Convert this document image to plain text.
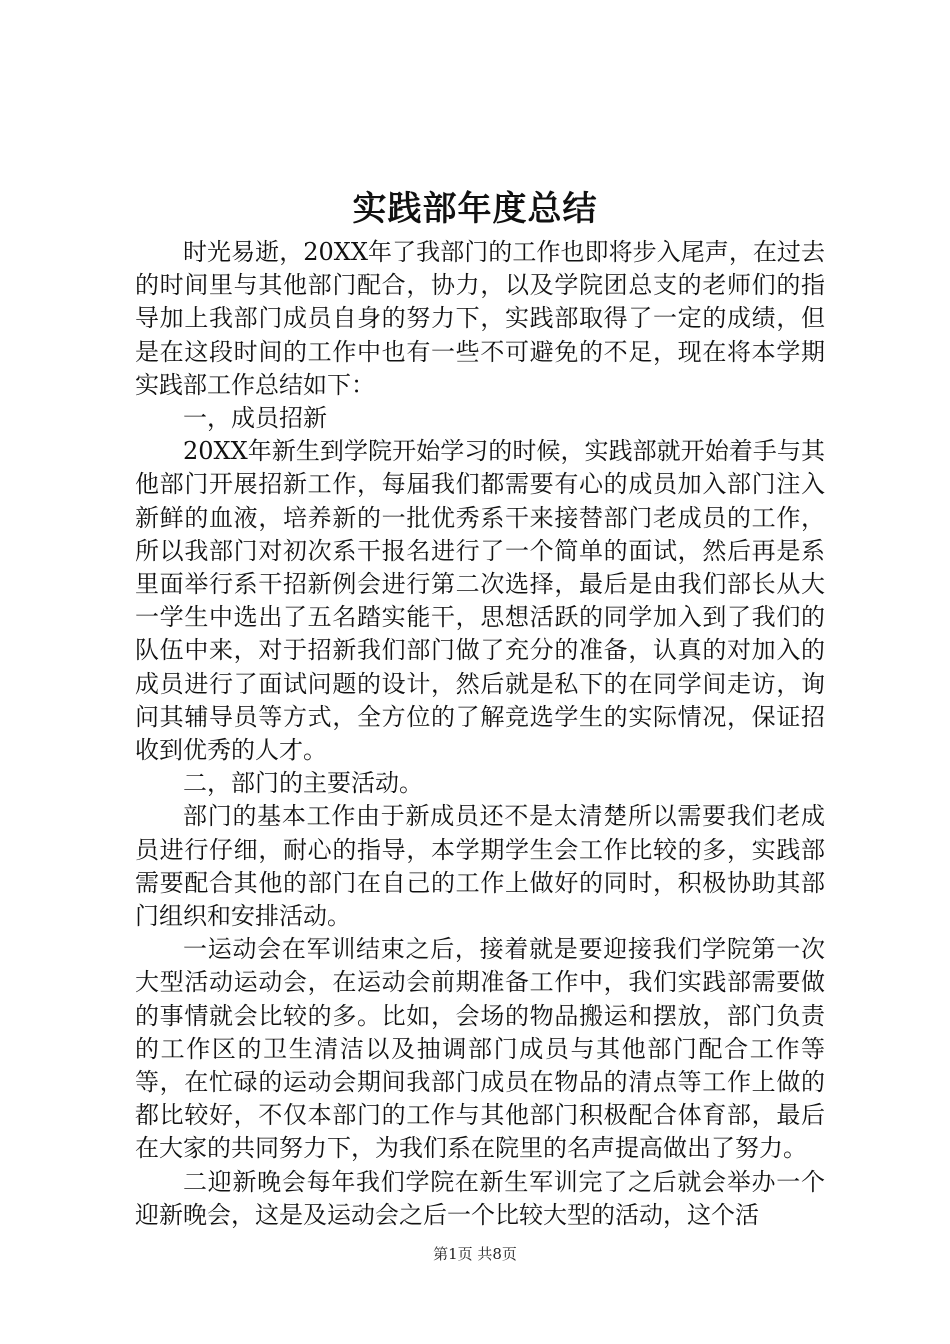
实践部年度总结

时光易逝，20XX年了我部门的工作也即将步入尾声，在过去的时间里与其他部门配合，协力，以及学院团总支的老师们的指导加上我部门成员自身的努力下，实践部取得了一定的成绩，但是在这段时间的工作中也有一些不可避免的不足，现在将本学期实践部工作总结如下：

一，成员招新

20XX年新生到学院开始学习的时候，实践部就开始着手与其他部门开展招新工作，每届我们都需要有心的成员加入部门注入新鲜的血液，培养新的一批优秀系干来接替部门老成员的工作，所以我部门对初次系干报名进行了一个简单的面试，然后再是系里面举行系干招新例会进行第二次选择，最后是由我们部长从大一学生中选出了五名踏实能干，思想活跃的同学加入到了我们的队伍中来，对于招新我们部门做了充分的准备，认真的对加入的成员进行了面试问题的设计，然后就是私下的在同学间走访，询问其辅导员等方式，全方位的了解竞选学生的实际情况，保证招收到优秀的人才。

二，部门的主要活动。

部门的基本工作由于新成员还不是太清楚所以需要我们老成员进行仔细，耐心的指导，本学期学生会工作比较的多，实践部需要配合其他的部门在自己的工作上做好的同时，积极协助其部门组织和安排活动。

一运动会在军训结束之后，接着就是要迎接我们学院第一次大型活动运动会，在运动会前期准备工作中，我们实践部需要做的事情就会比较的多。比如，会场的物品搬运和摆放，部门负责的工作区的卫生清洁以及抽调部门成员与其他部门配合工作等等，在忙碌的运动会期间我部门成员在物品的清点等工作上做的都比较好，不仅本部门的工作与其他部门积极配合体育部，最后在大家的共同努力下，为我们系在院里的名声提高做出了努力。

二迎新晚会每年我们学院在新生军训完了之后就会举办一个迎新晚会，这是及运动会之后一个比较大型的活动，这个活

第1页 共8页
